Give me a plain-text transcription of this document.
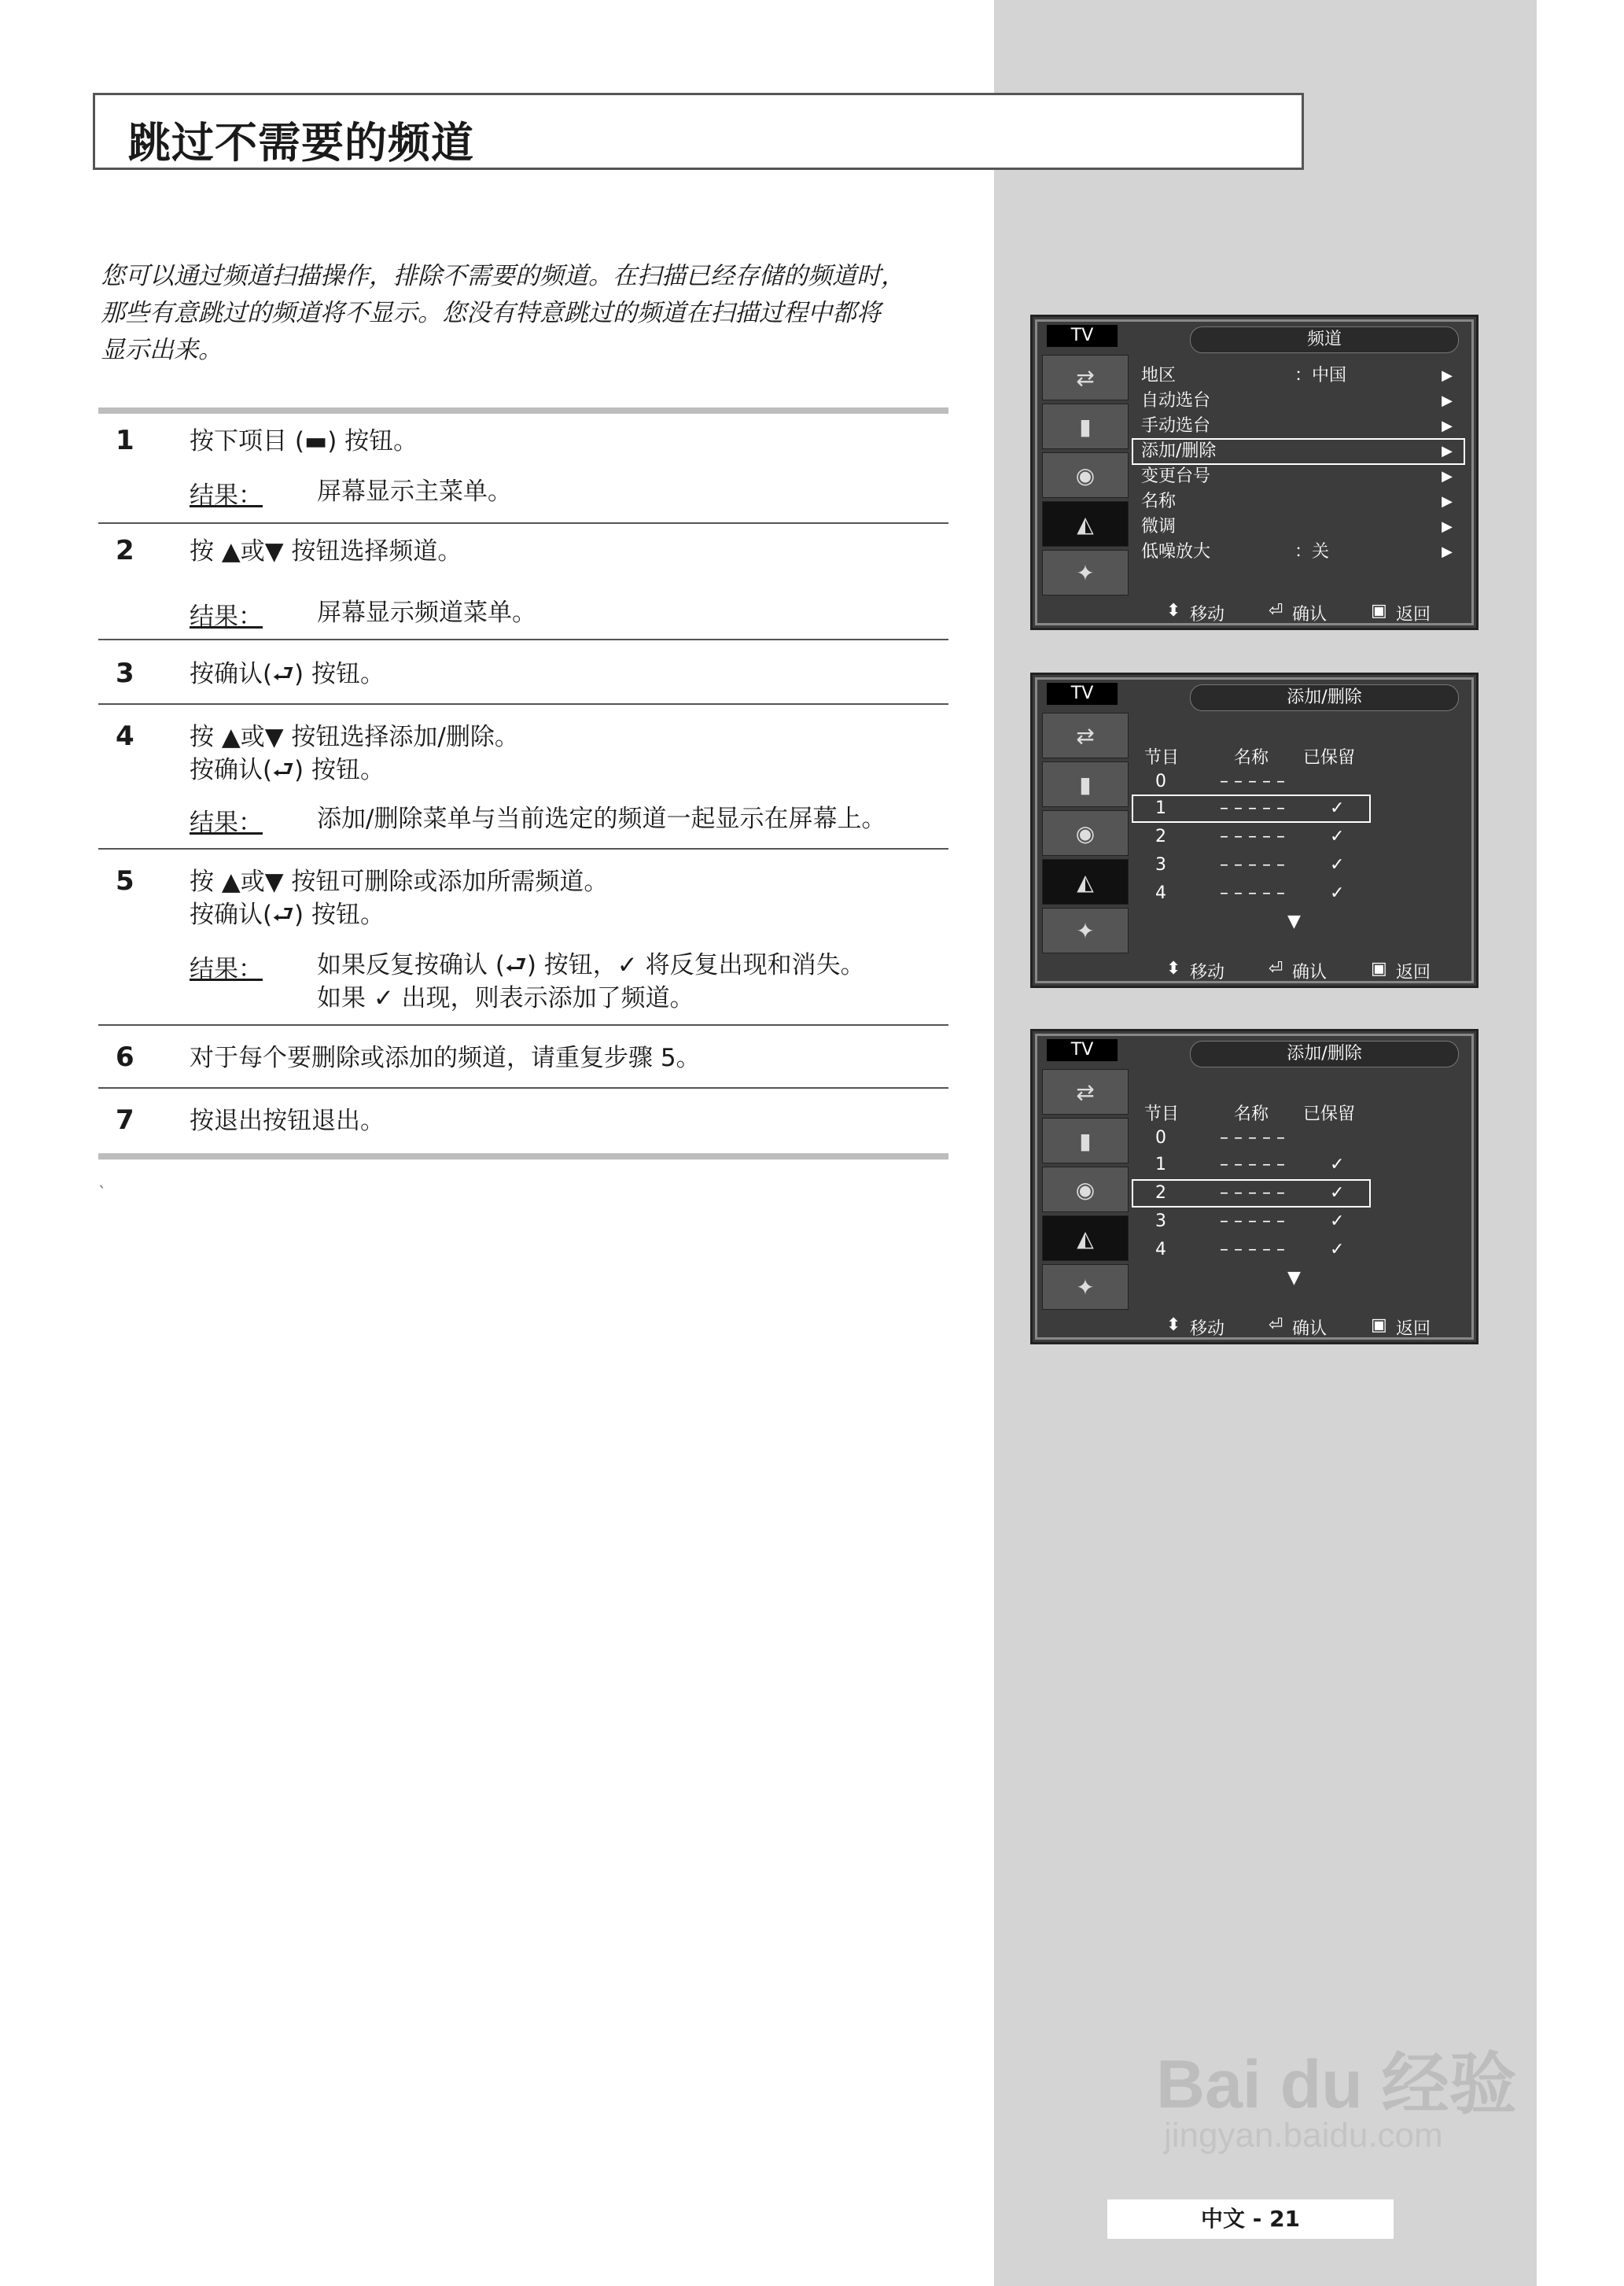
跳过不需要的频道
您可以通过频道扫描操作，排除不需要的频道。在扫描已经存储的频道时，
那些有意跳过的频道将不显示。您没有特意跳过的频道在扫描过程中都将
显示出来。
1 按下项目 (▬) 按钮。
结果： 屏幕显示主菜单。
2 按 ▲或▼ 按钮选择频道。
结果： 屏幕显示频道菜单。
3 按确认(⮐) 按钮。
4 按 ▲或▼ 按钮选择添加/删除。
按确认(⮐) 按钮。
结果： 添加/删除菜单与当前选定的频道一起显示在屏幕上。
5 按 ▲或▼ 按钮可删除或添加所需频道。
按确认(⮐) 按钮。
结果： 如果反复按确认 (⮐) 按钮，✓ 将反复出现和消失。
如果 ✓ 出现，则表示添加了频道。
6 对于每个要删除或添加的频道，请重复步骤 5。
7 按退出按钮退出。
`
TV	频道
⇄
▮
◉
◭
✦
地区	：中国	▶
自动选台	▶
手动选台	▶
添加/删除	▶
变更台号	▶
名称	▶
微调	▶
低噪放大	：关	▶
⬍ 移动	⏎ 确认	▣ 返回
TV	添加/删除
⇄
▮
◉
◭
✦
节目	名称 已保留
0	– – – – –
1	– – – – –	✓
2	– – – – –	✓
3	– – – – –	✓
4	– – – – –	✓
▼
⬍ 移动	⏎ 确认	▣ 返回
TV	添加/删除
⇄
▮
◉
◭
✦
节目	名称 已保留
0	– – – – –
1	– – – – –	✓
2	– – – – –	✓
3	– – – – –	✓
4	– – – – –	✓
▼
⬍ 移动	⏎ 确认	▣ 返回
Bai du 经验
jingyan.baidu.com
中文 - 21
